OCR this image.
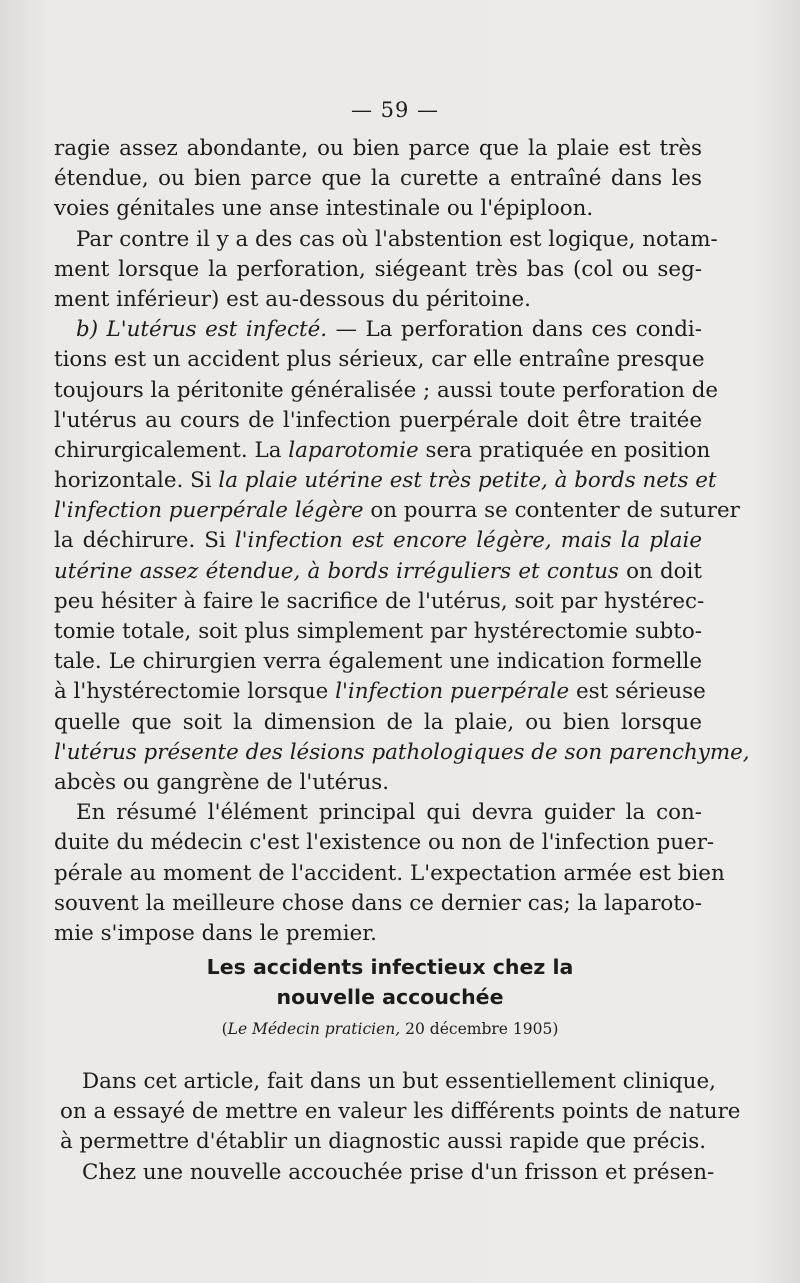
— 59 —
ragie assez abondante, ou bien parce que la plaie est très
étendue, ou bien parce que la curette a entraîné dans les
voies génitales une anse intestinale ou l'épiploon.
Par contre il y a des cas où l'abstention est logique, notam-
ment lorsque la perforation, siégeant très bas (col ou seg-
ment inférieur) est au-dessous du péritoine.
b) L'utérus est infecté. — La perforation dans ces condi-
tions est un accident plus sérieux, car elle entraîne presque
toujours la péritonite généralisée ; aussi toute perforation de
l'utérus au cours de l'infection puerpérale doit être traitée
chirurgicalement. La laparotomie sera pratiquée en position
horizontale. Si la plaie utérine est très petite, à bords nets et
l'infection puerpérale légère on pourra se contenter de suturer
la déchirure. Si l'infection est encore légère, mais la plaie
utérine assez étendue, à bords irréguliers et contus on doit
peu hésiter à faire le sacrifice de l'utérus, soit par hystérec-
tomie totale, soit plus simplement par hystérectomie subto-
tale. Le chirurgien verra également une indication formelle
à l'hystérectomie lorsque l'infection puerpérale est sérieuse
quelle que soit la dimension de la plaie, ou bien lorsque
l'utérus présente des lésions pathologiques de son parenchyme,
abcès ou gangrène de l'utérus.
En résumé l'élément principal qui devra guider la con-
duite du médecin c'est l'existence ou non de l'infection puer-
pérale au moment de l'accident. L'expectation armée est bien
souvent la meilleure chose dans ce dernier cas; la laparoto-
mie s'impose dans le premier.
Les accidents infectieux chez la
nouvelle accouchée
(Le Médecin praticien, 20 décembre 1905)
Dans cet article, fait dans un but essentiellement clinique,
on a essayé de mettre en valeur les différents points de nature
à permettre d'établir un diagnostic aussi rapide que précis.
Chez une nouvelle accouchée prise d'un frisson et présen-
